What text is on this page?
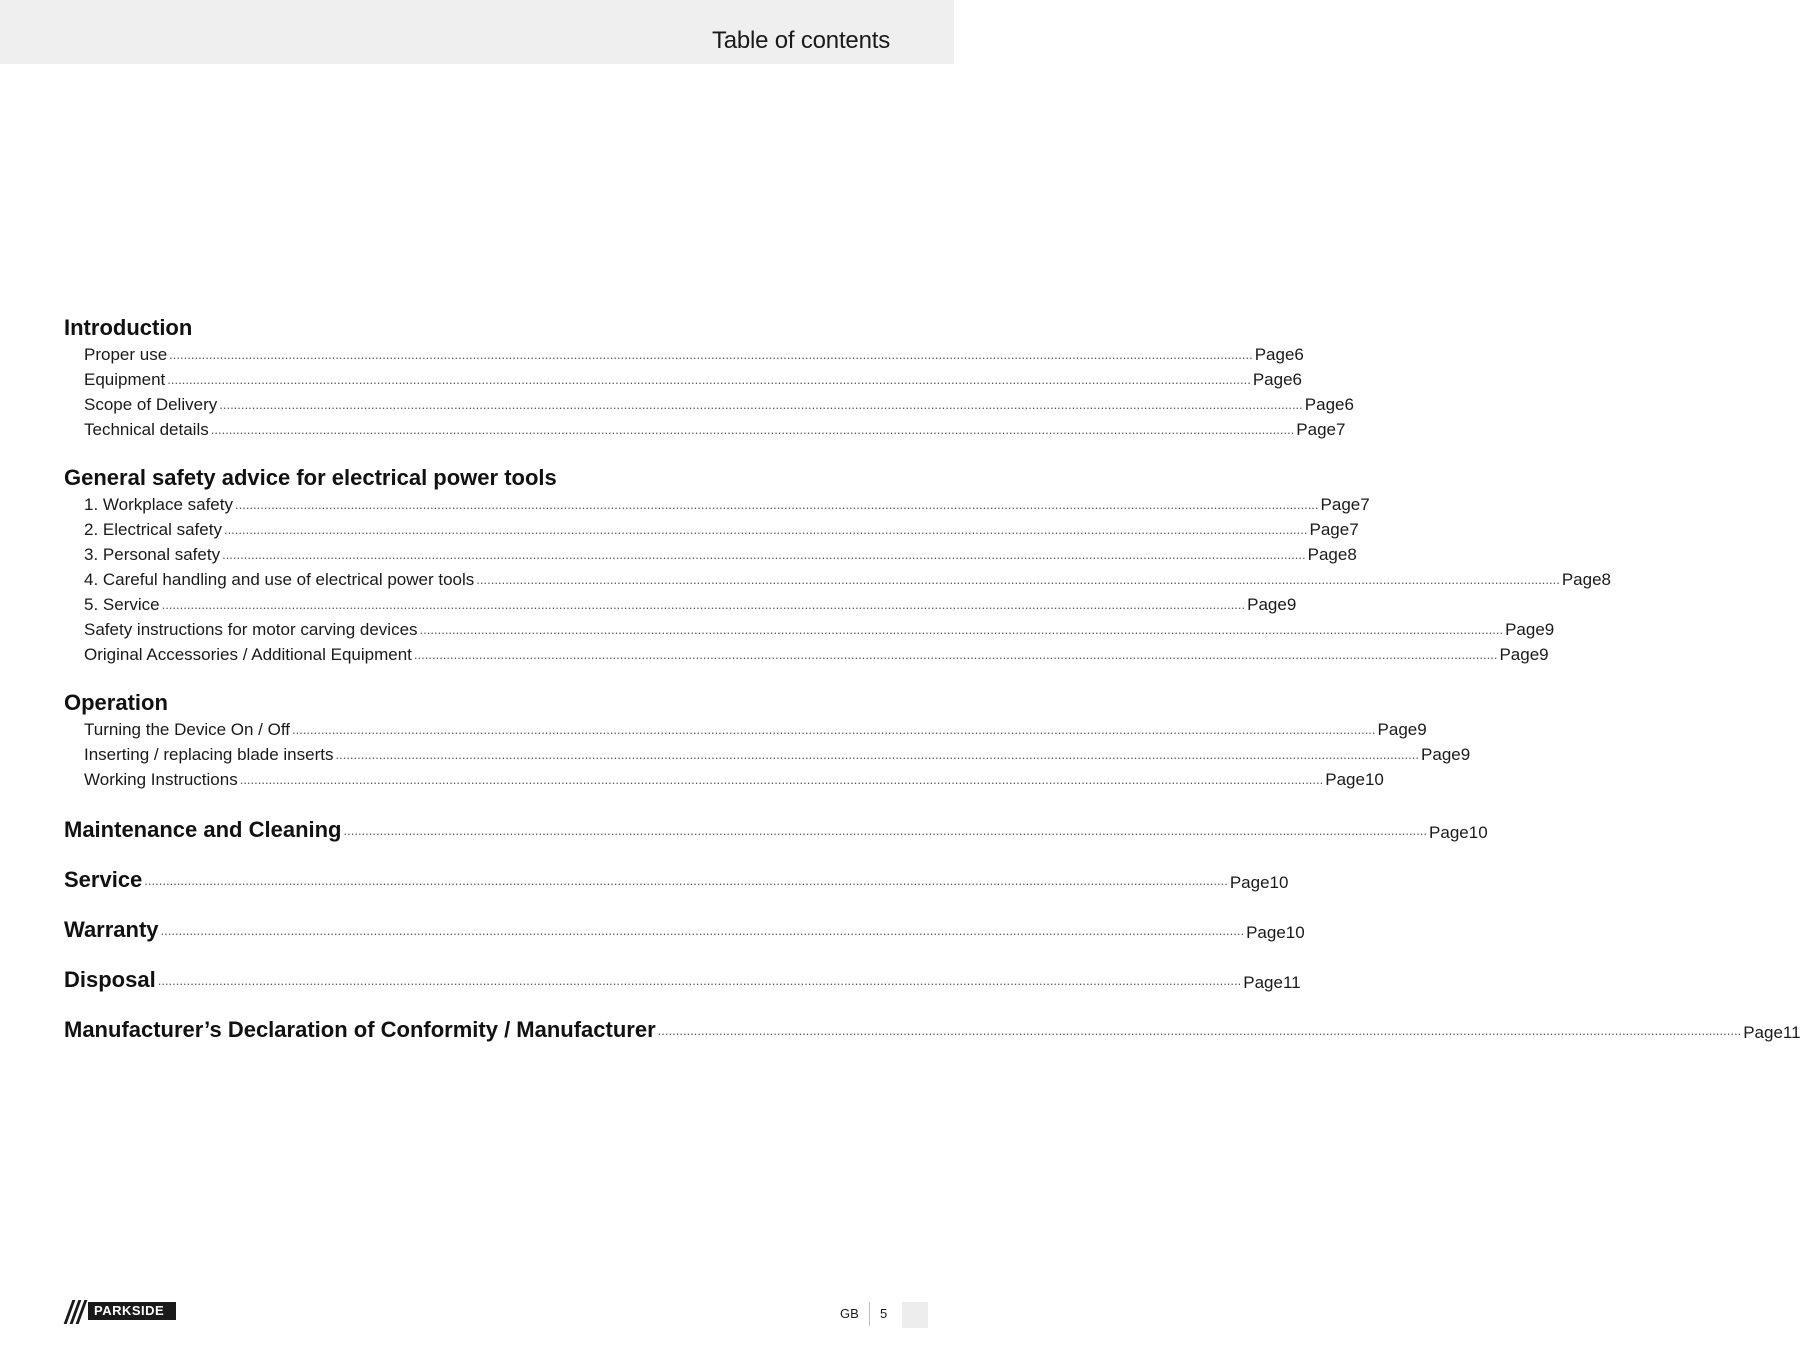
Table of contents
Introduction
Proper use ............................................................................................................................................................................................................................................................................................................ Page 6
Equipment ............................................................................................................................................................................................................................................................................................................ Page 6
Scope of Delivery ............................................................................................................................................................................................................................................................................................................ Page 6
Technical details ............................................................................................................................................................................................................................................................................................................ Page 7
General safety advice for electrical power tools
1. Workplace safety ............................................................................................................................................................................................................................................................................................................ Page 7
2. Electrical safety ............................................................................................................................................................................................................................................................................................................ Page 7
3. Personal safety ............................................................................................................................................................................................................................................................................................................ Page 8
4. Careful handling and use of electrical power tools ............................................................................................................................................................................................................................................................................................................ Page 8
5. Service ............................................................................................................................................................................................................................................................................................................ Page 9
Safety instructions for motor carving devices ............................................................................................................................................................................................................................................................................................................ Page 9
Original Accessories / Additional Equipment ............................................................................................................................................................................................................................................................................................................ Page 9
Operation
Turning the Device On / Off ............................................................................................................................................................................................................................................................................................................ Page 9
Inserting / replacing blade inserts ............................................................................................................................................................................................................................................................................................................ Page 9
Working Instructions ............................................................................................................................................................................................................................................................................................................ Page 10
Maintenance and Cleaning ............................................................................................................................................................................................................................................................................................................ Page 10
Service ............................................................................................................................................................................................................................................................................................................ Page 10
Warranty ............................................................................................................................................................................................................................................................................................................ Page 10
Disposal ............................................................................................................................................................................................................................................................................................................ Page 11
Manufacturer’s Declaration of Conformity / Manufacturer ............................................................................................................................................................................................................................................................................................................ Page 11
PARKSIDE	GB 5
